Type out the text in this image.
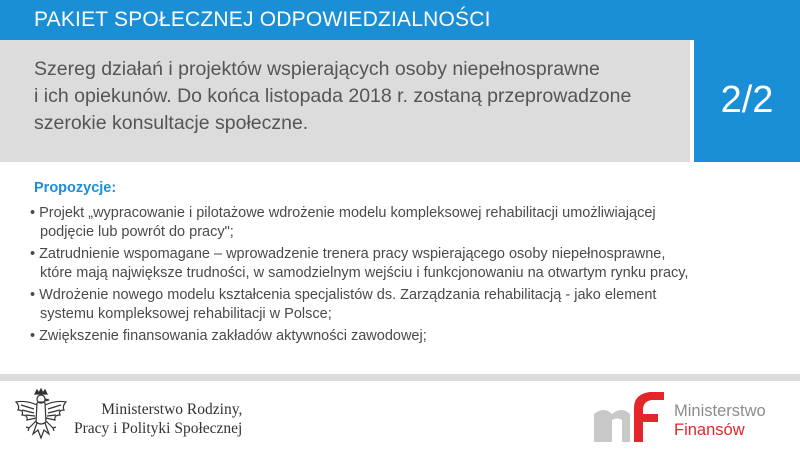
PAKIET SPOŁECZNEJ ODPOWIEDZIALNOŚCI
Szereg działań i projektów wspierających osoby niepełnosprawne
i ich opiekunów. Do końca listopada 2018 r. zostaną przeprowadzone
szerokie konsultacje społeczne.
2/2
Propozycje:
• Projekt „wypracowanie i pilotażowe wdrożenie modelu kompleksowej rehabilitacji umożliwiającej
podjęcie lub powrót do pracy";
• Zatrudnienie wspomagane – wprowadzenie trenera pracy wspierającego osoby niepełnosprawne,
które mają największe trudności, w samodzielnym wejściu i funkcjonowaniu na otwartym rynku pracy,
• Wdrożenie nowego modelu kształcenia specjalistów ds. Zarządzania rehabilitacją - jako element
systemu kompleksowej rehabilitacji w Polsce;
• Zwiększenie finansowania zakładów aktywności zawodowej;
Ministerstwo Rodziny,
Pracy i Polityki Społecznej
Ministerstwo
Finansów
